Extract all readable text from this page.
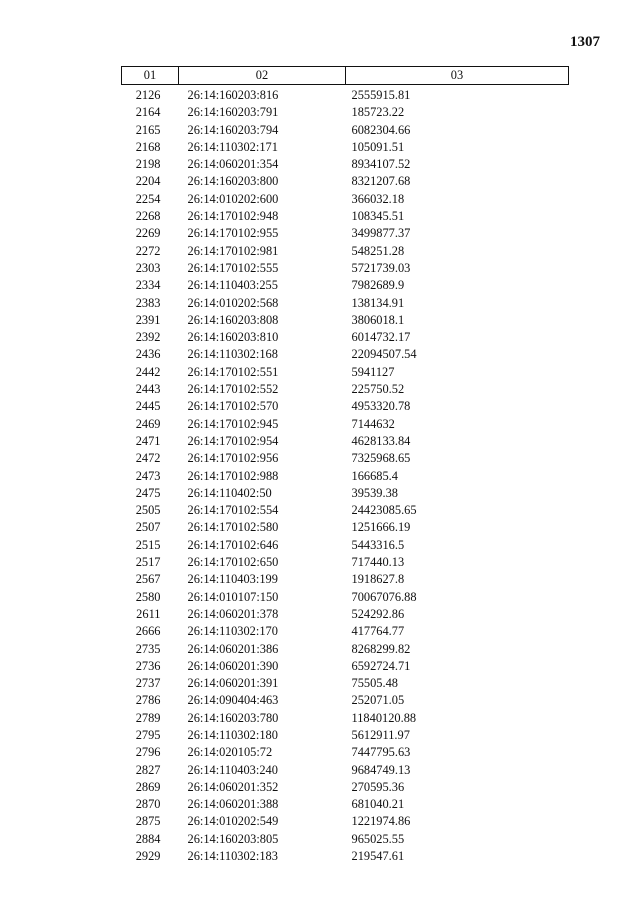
1307
01	02	03
2126	26:14:160203:816	2555915.81
2164	26:14:160203:791	185723.22
2165	26:14:160203:794	6082304.66
2168	26:14:110302:171	105091.51
2198	26:14:060201:354	8934107.52
2204	26:14:160203:800	8321207.68
2254	26:14:010202:600	366032.18
2268	26:14:170102:948	108345.51
2269	26:14:170102:955	3499877.37
2272	26:14:170102:981	548251.28
2303	26:14:170102:555	5721739.03
2334	26:14:110403:255	7982689.9
2383	26:14:010202:568	138134.91
2391	26:14:160203:808	3806018.1
2392	26:14:160203:810	6014732.17
2436	26:14:110302:168	22094507.54
2442	26:14:170102:551	5941127
2443	26:14:170102:552	225750.52
2445	26:14:170102:570	4953320.78
2469	26:14:170102:945	7144632
2471	26:14:170102:954	4628133.84
2472	26:14:170102:956	7325968.65
2473	26:14:170102:988	166685.4
2475	26:14:110402:50	39539.38
2505	26:14:170102:554	24423085.65
2507	26:14:170102:580	1251666.19
2515	26:14:170102:646	5443316.5
2517	26:14:170102:650	717440.13
2567	26:14:110403:199	1918627.8
2580	26:14:010107:150	70067076.88
2611	26:14:060201:378	524292.86
2666	26:14:110302:170	417764.77
2735	26:14:060201:386	8268299.82
2736	26:14:060201:390	6592724.71
2737	26:14:060201:391	75505.48
2786	26:14:090404:463	252071.05
2789	26:14:160203:780	11840120.88
2795	26:14:110302:180	5612911.97
2796	26:14:020105:72	7447795.63
2827	26:14:110403:240	9684749.13
2869	26:14:060201:352	270595.36
2870	26:14:060201:388	681040.21
2875	26:14:010202:549	1221974.86
2884	26:14:160203:805	965025.55
2929	26:14:110302:183	219547.61
